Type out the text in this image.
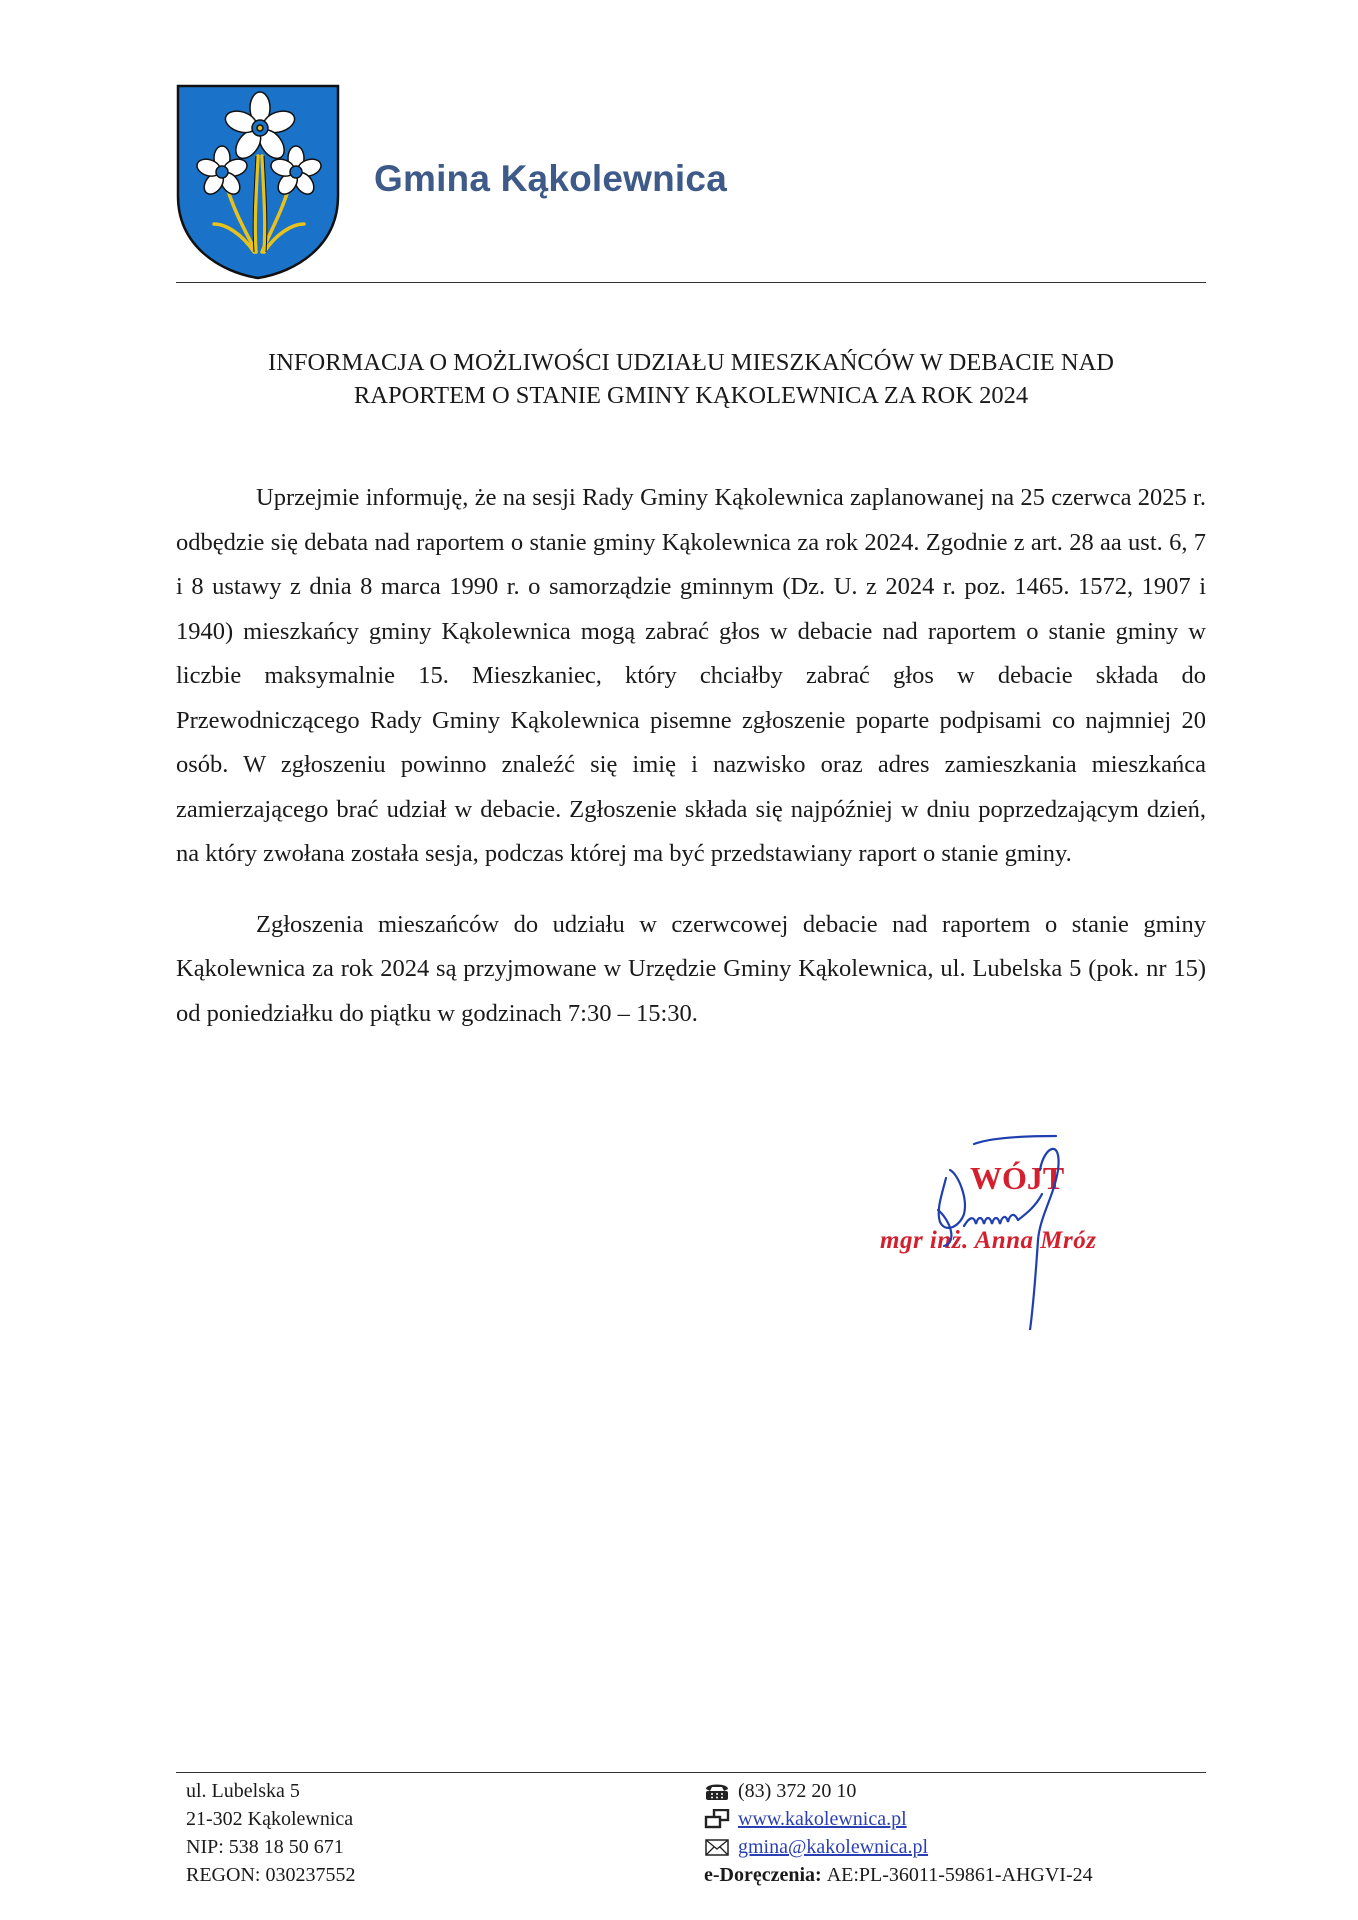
Gmina Kąkolewnica
INFORMACJA O MOŻLIWOŚCI UDZIAŁU MIESZKAŃCÓW W DEBACIE NAD
RAPORTEM O STANIE GMINY KĄKOLEWNICA ZA ROK 2024

Uprzejmie informuję, że na sesji Rady Gminy Kąkolewnica zaplanowanej na 25 czerwca 2025 r. odbędzie się debata nad raportem o stanie gminy Kąkolewnica za rok 2024. Zgodnie z art. 28 aa ust. 6, 7 i 8 ustawy z dnia 8 marca 1990 r. o samorządzie gminnym (Dz. U. z 2024 r. poz. 1465. 1572, 1907 i 1940) mieszkańcy gminy Kąkolewnica mogą zabrać głos w debacie nad raportem o stanie gminy w liczbie maksymalnie 15. Mieszkaniec, który chciałby zabrać głos w debacie składa do Przewodniczącego Rady Gminy Kąkolewnica pisemne zgłoszenie poparte podpisami co najmniej 20 osób. W zgłoszeniu powinno znaleźć się imię i nazwisko oraz adres zamieszkania mieszkańca zamierzającego brać udział w debacie. Zgłoszenie składa się najpóźniej w dniu poprzedzającym dzień, na który zwołana została sesja, podczas której ma być przedstawiany raport o stanie gminy.

Zgłoszenia mieszańców do udziału w czerwcowej debacie nad raportem o stanie gminy Kąkolewnica za rok 2024 są przyjmowane w Urzędzie Gminy Kąkolewnica, ul. Lubelska 5 (pok. nr 15) od poniedziałku do piątku w godzinach 7:30 – 15:30.

WÓJT
mgr inż. Anna Mróz
ul. Lubelska 5
21-302 Kąkolewnica
NIP: 538 18 50 671
REGON: 030237552
(83) 372 20 10
www.kakolewnica.pl
gmina@kakolewnica.pl
e-Doręczenia:
AE:PL-36011-59861-AHGVI-24
